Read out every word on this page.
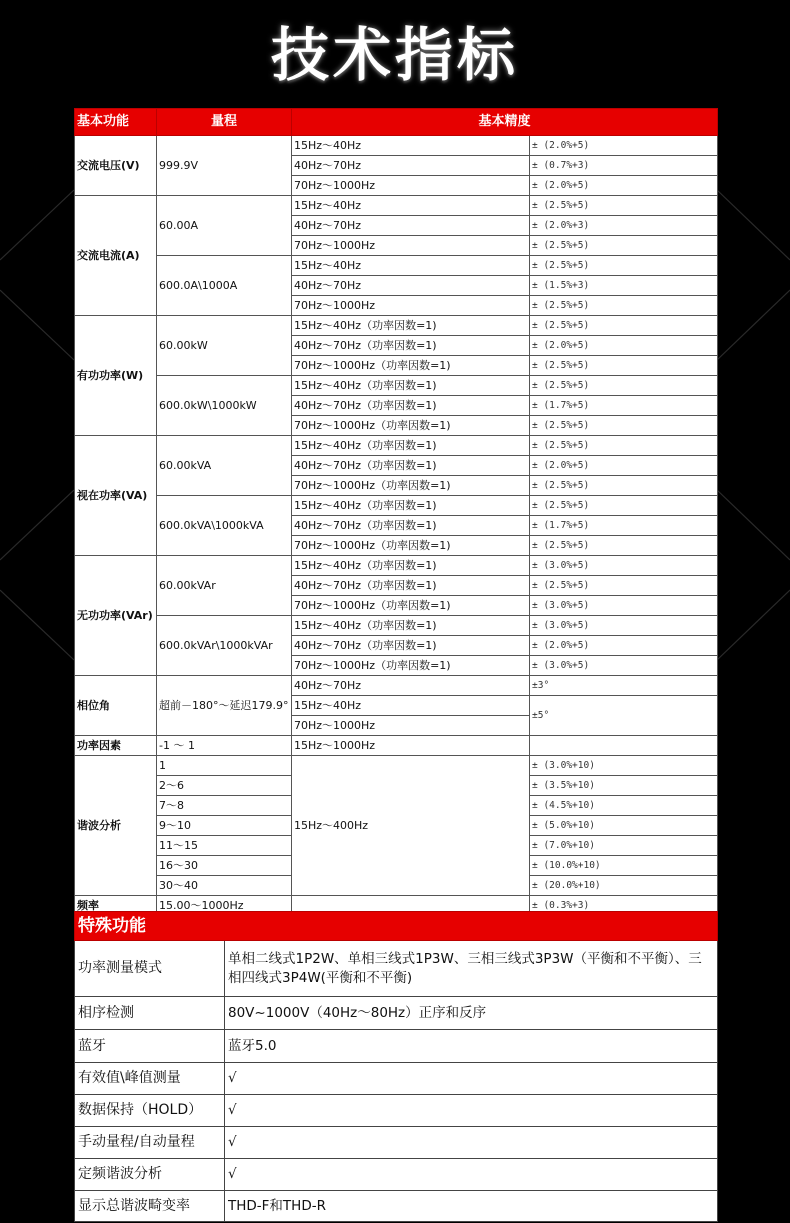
技术指标
基本功能	量程	基本精度	
交流电压(V)	999.9V	15Hz～40Hz	± (2.0%+5)
		40Hz～70Hz	± (0.7%+3)
		70Hz～1000Hz	± (2.0%+5)
交流电流(A)	60.00A	15Hz～40Hz	± (2.5%+5)
		40Hz～70Hz	± (2.0%+3)
		70Hz～1000Hz	± (2.5%+5)
	600.0A\1000A	15Hz～40Hz	± (2.5%+5)
		40Hz～70Hz	± (1.5%+3)
		70Hz～1000Hz	± (2.5%+5)
有功功率(W)	60.00kW	15Hz～40Hz（功率因数=1)	± (2.5%+5)
		40Hz～70Hz（功率因数=1)	± (2.0%+5)
		70Hz～1000Hz（功率因数=1)	± (2.5%+5)
	600.0kW\1000kW	15Hz～40Hz（功率因数=1)	± (2.5%+5)
		40Hz～70Hz（功率因数=1)	± (1.7%+5)
		70Hz～1000Hz（功率因数=1)	± (2.5%+5)
视在功率(VA)	60.00kVA	15Hz～40Hz（功率因数=1)	± (2.5%+5)
		40Hz～70Hz（功率因数=1)	± (2.0%+5)
		70Hz～1000Hz（功率因数=1)	± (2.5%+5)
	600.0kVA\1000kVA	15Hz～40Hz（功率因数=1)	± (2.5%+5)
		40Hz～70Hz（功率因数=1)	± (1.7%+5)
		70Hz～1000Hz（功率因数=1)	± (2.5%+5)
无功功率(VAr)	60.00kVAr	15Hz～40Hz（功率因数=1)	± (3.0%+5)
		40Hz～70Hz（功率因数=1)	± (2.5%+5)
		70Hz～1000Hz（功率因数=1)	± (3.0%+5)
	600.0kVAr\1000kVAr	15Hz～40Hz（功率因数=1)	± (3.0%+5)
		40Hz～70Hz（功率因数=1)	± (2.0%+5)
		70Hz～1000Hz（功率因数=1)	± (3.0%+5)
相位角	超前－180°～延迟179.9°	40Hz～70Hz	±3°
		15Hz～40Hz	±5°
		70Hz～1000Hz	
功率因素	-1 ～ 1	15Hz～1000Hz	
谐波分析	1	15Hz～400Hz	± (3.0%+10)
	2～6		± (3.5%+10)
	7～8		± (4.5%+10)
	9～10		± (5.0%+10)
	11～15		± (7.0%+10)
	16～30		± (10.0%+10)
	30～40		± (20.0%+10)
频率	15.00～1000Hz		± (0.3%+3)
特殊功能	
功率测量模式	单相二线式1P2W、单相三线式1P3W、三相三线式3P3W（平衡和不平衡）、三相四线式3P4W(平衡和不平衡)
相序检测	80V~1000V（40Hz～80Hz）正序和反序
蓝牙	蓝牙5.0
有效值\峰值测量	√
数据保持（HOLD）	√
手动量程/自动量程	√
定频谐波分析	√
显示总谐波畸变率	THD-F和THD-R
